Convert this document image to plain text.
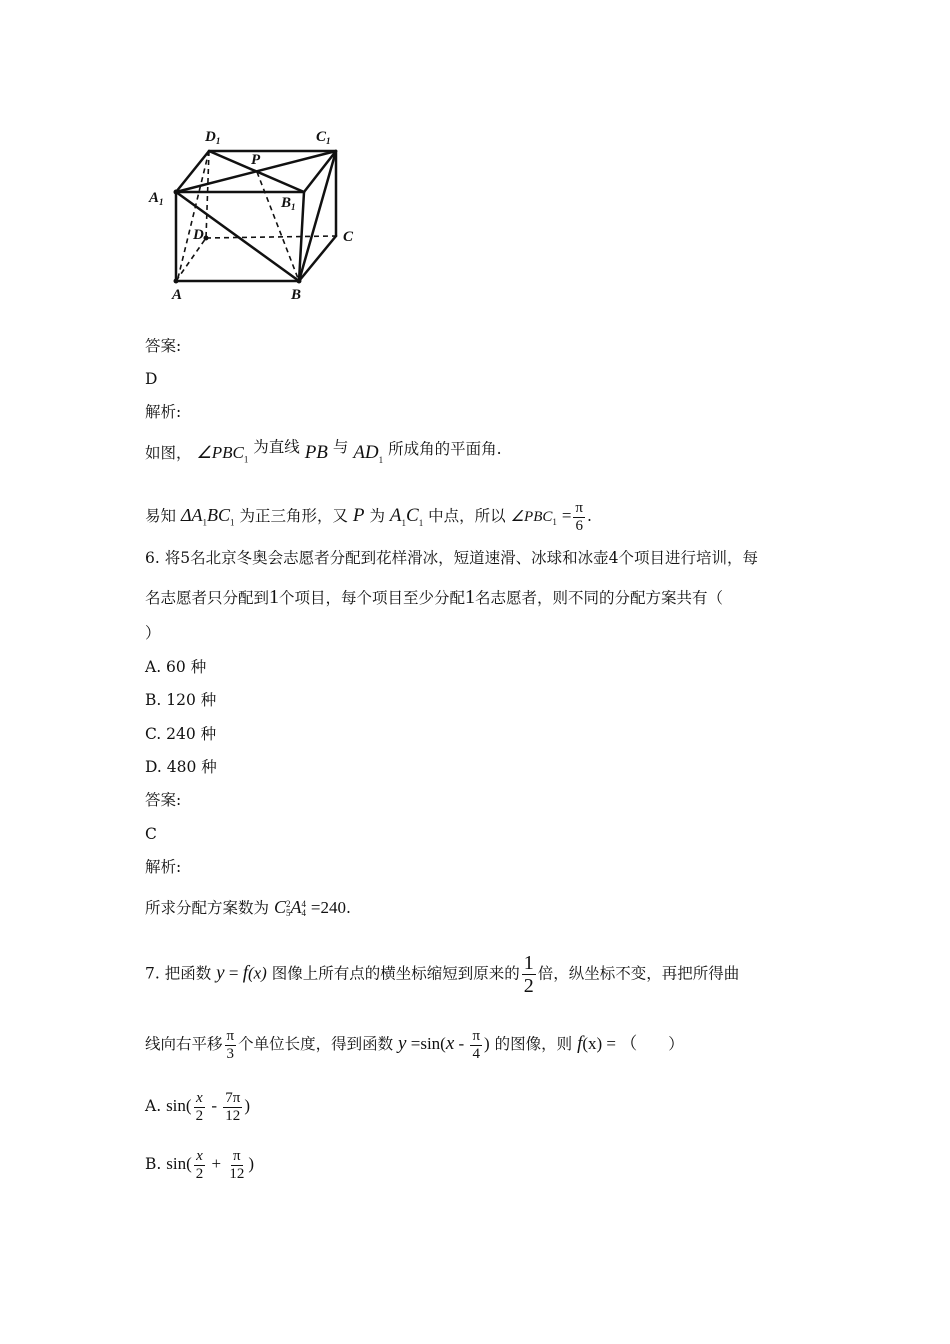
$D_1$	$C_1$
P
$A_1$	$B_1$
D	C
A	B
答案:
D
解析:
如图， $\angle PBC_1$ 为直线 PB 与 $AD_1$ 所成角的平面角.
易知 $\Delta A_1BC_1$ 为正三角形，又 P 为 $A_1C_1$ 中点，所以 $\angle PBC_1 = \frac{\pi}{6}$ .
6. 将5名北京冬奥会志愿者分配到花样滑冰，短道速滑、冰球和冰壶4个项目进行培训，每
名志愿者只分配到1个项目，每个项目至少分配1名志愿者，则不同的分配方案共有（
）
A. 60 种
B. 120 种
C. 240 种
D. 480 种
答案:
C
解析:
所求分配方案数为 C 2
5 A 4
4 =240.
7. 把函数 y = f(x) 图像上所有点的横坐标缩短到原来的 $\frac{1}{2}$ 倍，纵坐标不变，再把所得曲
线向右平移 $\frac{\pi}{3}$ 个单位长度，得到函数 $y =\sin(x - \frac{\pi}{4}$ ) 的图像，则 f(x) = （　　）
A. $\sin( \frac{x}{2} - \frac{7\pi}{12}$ )
B. $\sin( \frac{x}{2} + \frac{\pi}{12}$ )
